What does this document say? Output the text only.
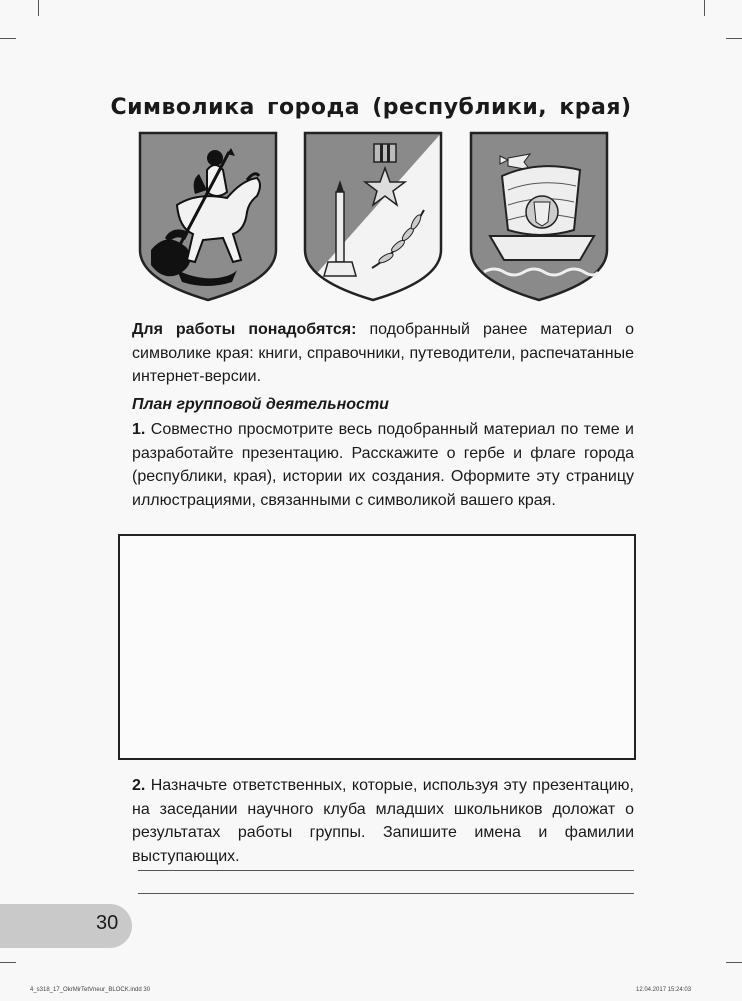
Символика города (республики, края)

Для работы понадобятся: подобранный ранее материал о символике края: книги, справочники, путеводители, распечатанные интернет-версии.

План групповой деятельности

1. Совместно просмотрите весь подобранный материал по теме и разработайте презентацию. Расскажите о гербе и флаге города (республики, края), истории их создания. Оформите эту страницу иллюстрациями, связанными с символикой вашего края.

2. Назначьте ответственных, которые, используя эту презентацию, на заседании научного клуба младших школьников доложат о результатах работы группы. Запишите имена и фамилии выступающих.

30
4_s318_17_OkrMirTetVneur_BLOCK.indd 30	12.04.2017 15:24:03
